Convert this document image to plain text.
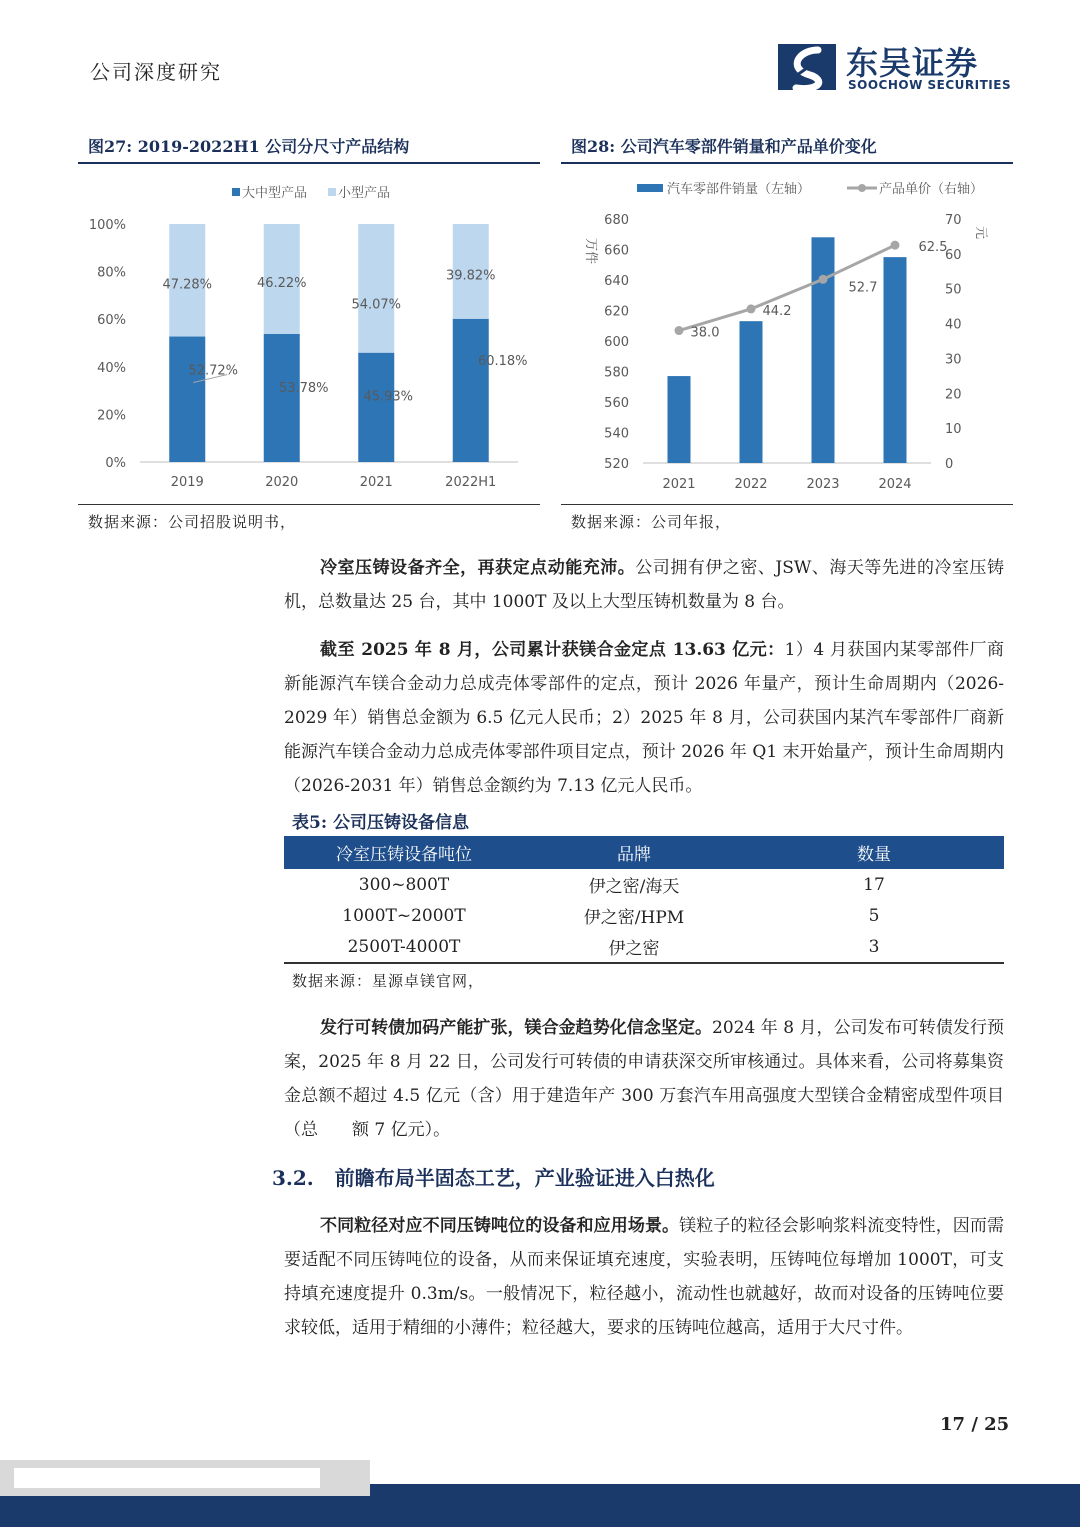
公司深度研究	东吴证券
SOOCHOW SECURITIES
图27: 2019-2022H1 公司分尺寸产品结构
大中型产品 小型产品
0%
20%
40%
60%
80%
100%
2019
52.72%
47.28%
2020
53.78%
46.22%
2021
45.93%
54.07%
2022H1
60.18%
39.82%
数据来源：公司招股说明书，
图28: 公司汽车零部件销量和产品单价变化
汽车零部件销量（左轴）	产品单价（右轴）
万件
元
520
540
560
580
600
620
640
660
680
0
10
20
30
40
50
60
70
2021	2022	2023	2024
38.0
44.2
52.7
62.5
数据来源：公司年报，

冷室压铸设备齐全，再获定点动能充沛。公司拥有伊之密、JSW、海天等先进的冷室压铸机，总数量达 25 台，其中 1000T 及以上大型压铸机数量为 8 台。

截至 2025 年 8 月，公司累计获镁合金定点 13.63 亿元：1）4 月获国内某零部件厂商新能源汽车镁合金动力总成壳体零部件的定点，预计 2026 年量产，预计生命周期内（2026-2029 年）销售总金额为 6.5 亿元人民币；2）2025 年 8 月，公司获国内某汽车零部件厂商新能源汽车镁合金动力总成壳体零部件项目定点，预计 2026 年 Q1 末开始量产，预计生命周期内（2026-2031 年）销售总金额约为 7.13 亿元人民币。

表5: 公司压铸设备信息
冷室压铸设备吨位	品牌	数量
300~800T	伊之密/海天	17
1000T~2000T	伊之密/HPM	5
2500T-4000T	伊之密	3
数据来源：星源卓镁官网，

发行可转债加码产能扩张，镁合金趋势化信念坚定。2024 年 8 月，公司发布可转债发行预案，2025 年 8 月 22 日，公司发行可转债的申请获深交所审核通过。具体来看，公司将募集资金总额不超过 4.5 亿元（含）用于建造年产 300 万套汽车用高强度大型镁合金精密成型件项目（总　　额 7 亿元）。

3.2. 前瞻布局半固态工艺，产业验证进入白热化

不同粒径对应不同压铸吨位的设备和应用场景。镁粒子的粒径会影响浆料流变特性，因而需要适配不同压铸吨位的设备，从而来保证填充速度，实验表明，压铸吨位每增加 1000T，可支持填充速度提升 0.3m/s。一般情况下，粒径越小，流动性也就越好，故而对设备的压铸吨位要求较低，适用于精细的小薄件；粒径越大，要求的压铸吨位越高，适用于大尺寸件。

17 / 25
